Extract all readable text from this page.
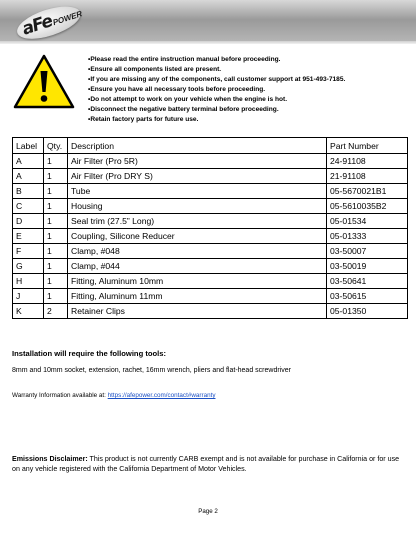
aFe
POWER
• Please read the entire instruction manual before proceeding.
• Ensure all components listed are present.
• If you are missing any of the components, call customer support at 951-493-7185.
• Ensure you have all necessary tools before proceeding.
• Do not attempt to work on your vehicle when the engine is hot.
• Disconnect the negative battery terminal before proceeding.
• Retain factory parts for future use.
Label	Qty.	Description	Part Number
A	1	Air Filter (Pro 5R)	24-91108
A	1	Air Filter (Pro DRY S)	21-91108
B	1	Tube	05-5670021B1
C	1	Housing	05-5610035B2
D	1	Seal trim (27.5” Long)	05-01534
E	1	Coupling, Silicone Reducer	05-01333
F	1	Clamp, #048	03-50007
G	1	Clamp, #044	03-50019
H	1	Fitting, Aluminum 10mm	03-50641
J	1	Fitting, Aluminum 11mm	03-50615
K	2	Retainer Clips	05-01350
Installation will require the following tools:
8mm and 10mm socket, extension, rachet, 16mm wrench, pliers and flat-head screwdriver
Warranty Information available at: https://afepower.com/contact#warranty
Emissions Disclaimer: This product is not currently CARB exempt and is not available for purchase in California or for use on any vehicle registered with the California Department of Motor Vehicles.
Page 2
